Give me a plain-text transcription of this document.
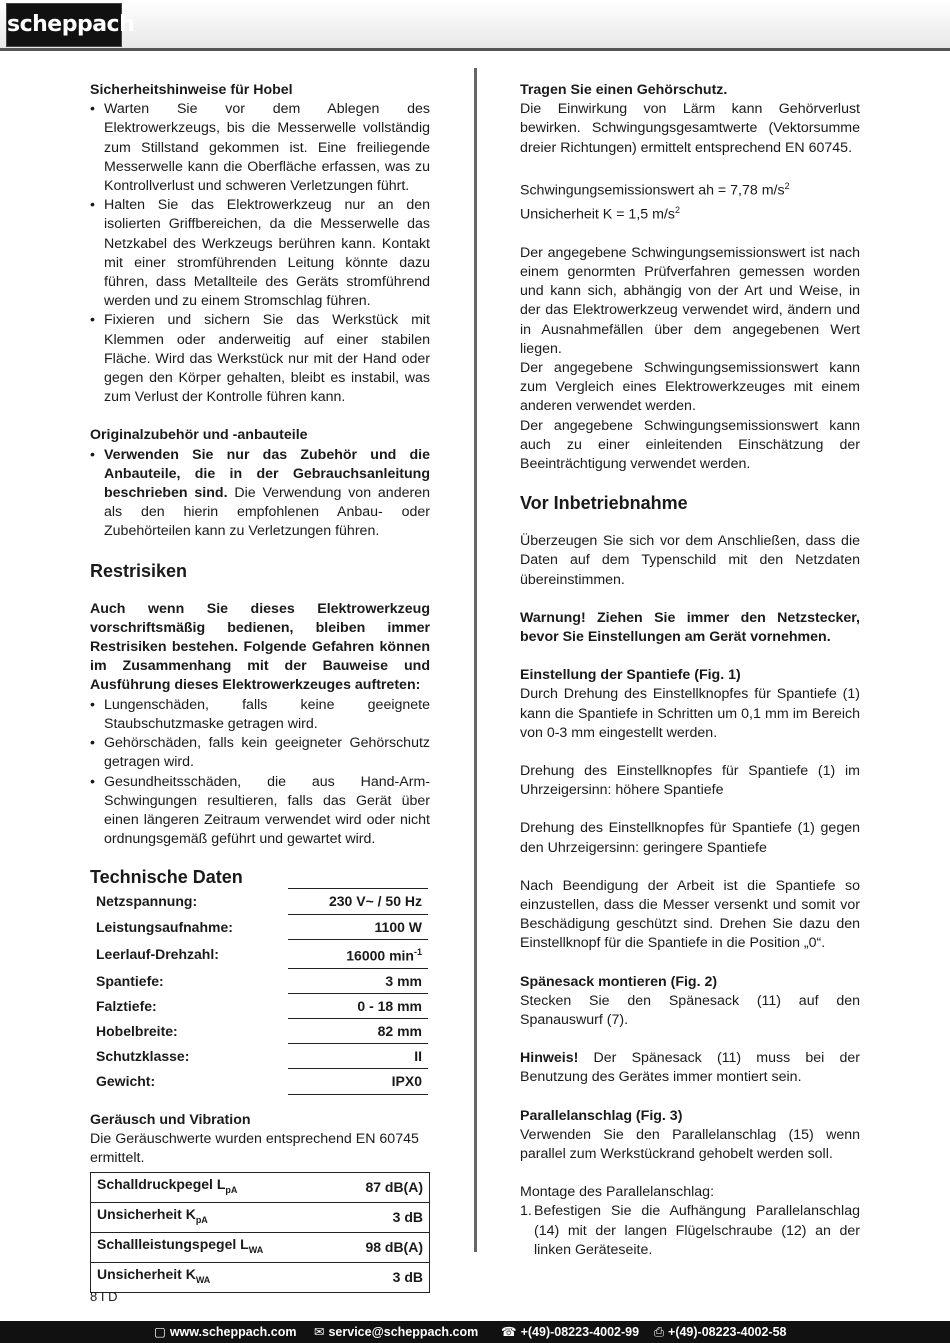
scheppach

Sicherheitshinweise für Hobel

• Warten Sie vor dem Ablegen des Elektrowerkzeugs, bis die Messerwelle vollständig zum Stillstand gekommen ist. Eine freiliegende Messerwelle kann die Oberfläche erfassen, was zu Kontrollverlust und schweren Verletzungen führt.
• Halten Sie das Elektrowerkzeug nur an den isolierten Griffbereichen, da die Messerwelle das Netzkabel des Werkzeugs berühren kann. Kontakt mit einer stromführenden Leitung könnte dazu führen, dass Metallteile des Geräts stromführend werden und zu einem Stromschlag führen.
• Fixieren und sichern Sie das Werkstück mit Klemmen oder anderweitig auf einer stabilen Fläche. Wird das Werkstück nur mit der Hand oder gegen den Körper gehalten, bleibt es instabil, was zum Verlust der Kontrolle führen kann.

Originalzubehör und -anbauteile

• Verwenden Sie nur das Zubehör und die Anbauteile, die in der Gebrauchsanleitung beschrieben sind. Die Verwendung von anderen als den hierin empfohlenen Anbau- oder Zubehörteilen kann zu Verletzungen führen.

Restrisiken

Auch wenn Sie dieses Elektrowerkzeug vorschriftsmäßig bedienen, bleiben immer Restrisiken bestehen. Folgende Gefahren können im Zusammenhang mit der Bauweise und Ausführung dieses Elektrowerkzeuges auftreten:

• Lungenschäden, falls keine geeignete Staubschutzmaske getragen wird.
• Gehörschäden, falls kein geeigneter Gehörschutz getragen wird.
• Gesundheitsschäden, die aus Hand-Arm- Schwingungen resultieren, falls das Gerät über einen längeren Zeitraum verwendet wird oder nicht ordnungsgemäß geführt und gewartet wird.

Technische Daten

Netzspannung:	230 V~ / 50 Hz
Leistungsaufnahme:	1100 W
Leerlauf-Drehzahl:	16000 $\min^{-1}$
Spantiefe:	3 mm
Falztiefe:	0 - 18 mm
Hobelbreite:	82 mm
Schutzklasse:	II
Gewicht:	IPX0

Geräusch und Vibration

Die Geräuschwerte wurden entsprechend EN 60745 ermittelt.

Schalldruckpegel $L_{pA}$	87 dB(A)
Unsicherheit $K_{pA}$	3 dB
Schallleistungspegel $L_{WA}$	98 dB(A)
Unsicherheit $K_{WA}$	3 dB

Tragen Sie einen Gehörschutz.

Die Einwirkung von Lärm kann Gehörverlust bewirken. Schwingungsgesamtwerte (Vektorsumme dreier Richtungen) ermittelt entsprechend EN 60745.

Schwingungsemissionswert ah = 7,78 $m/s^2$

Unsicherheit K = 1,5 $m/s^2$

Der angegebene Schwingungsemissionswert ist nach einem genormten Prüfverfahren gemessen worden und kann sich, abhängig von der Art und Weise, in der das Elektrowerkzeug verwendet wird, ändern und in Ausnahmefällen über dem angegebenen Wert liegen.

Der angegebene Schwingungsemissionswert kann zum Vergleich eines Elektrowerkzeuges mit einem anderen verwendet werden.

Der angegebene Schwingungsemissionswert kann auch zu einer einleitenden Einschätzung der Beeinträchtigung verwendet werden.

Vor Inbetriebnahme

Überzeugen Sie sich vor dem Anschließen, dass die Daten auf dem Typenschild mit den Netzdaten übereinstimmen.

Warnung! Ziehen Sie immer den Netzstecker, bevor Sie Einstellungen am Gerät vornehmen.

Einstellung der Spantiefe (Fig. 1)

Durch Drehung des Einstellknopfes für Spantiefe (1) kann die Spantiefe in Schritten um 0,1 mm im Bereich von 0-3 mm eingestellt werden.

Drehung des Einstellknopfes für Spantiefe (1) im Uhrzeigersinn: höhere Spantiefe

Drehung des Einstellknopfes für Spantiefe (1) gegen den Uhrzeigersinn: geringere Spantiefe

Nach Beendigung der Arbeit ist die Spantiefe so einzustellen, dass die Messer versenkt und somit vor Beschädigung geschützt sind. Drehen Sie dazu den Einstellknopf für die Spantiefe in die Position „0“.

Spänesack montieren (Fig. 2)

Stecken Sie den Spänesack (11) auf den Spanauswurf (7).

Hinweis! Der Spänesack (11) muss bei der Benutzung des Gerätes immer montiert sein.

Parallelanschlag (Fig. 3)

Verwenden Sie den Parallelanschlag (15) wenn parallel zum Werkstückrand gehobelt werden soll.

Montage des Parallelanschlag:

1. Befestigen Sie die Aufhängung Parallelanschlag (14) mit der langen Flügelschraube (12) an der linken Geräteseite.
8 I D
▢ www.scheppach.com ✉ service@scheppach.com ☎ +(49)-08223-4002-99 ⎙ +(49)-08223-4002-58
